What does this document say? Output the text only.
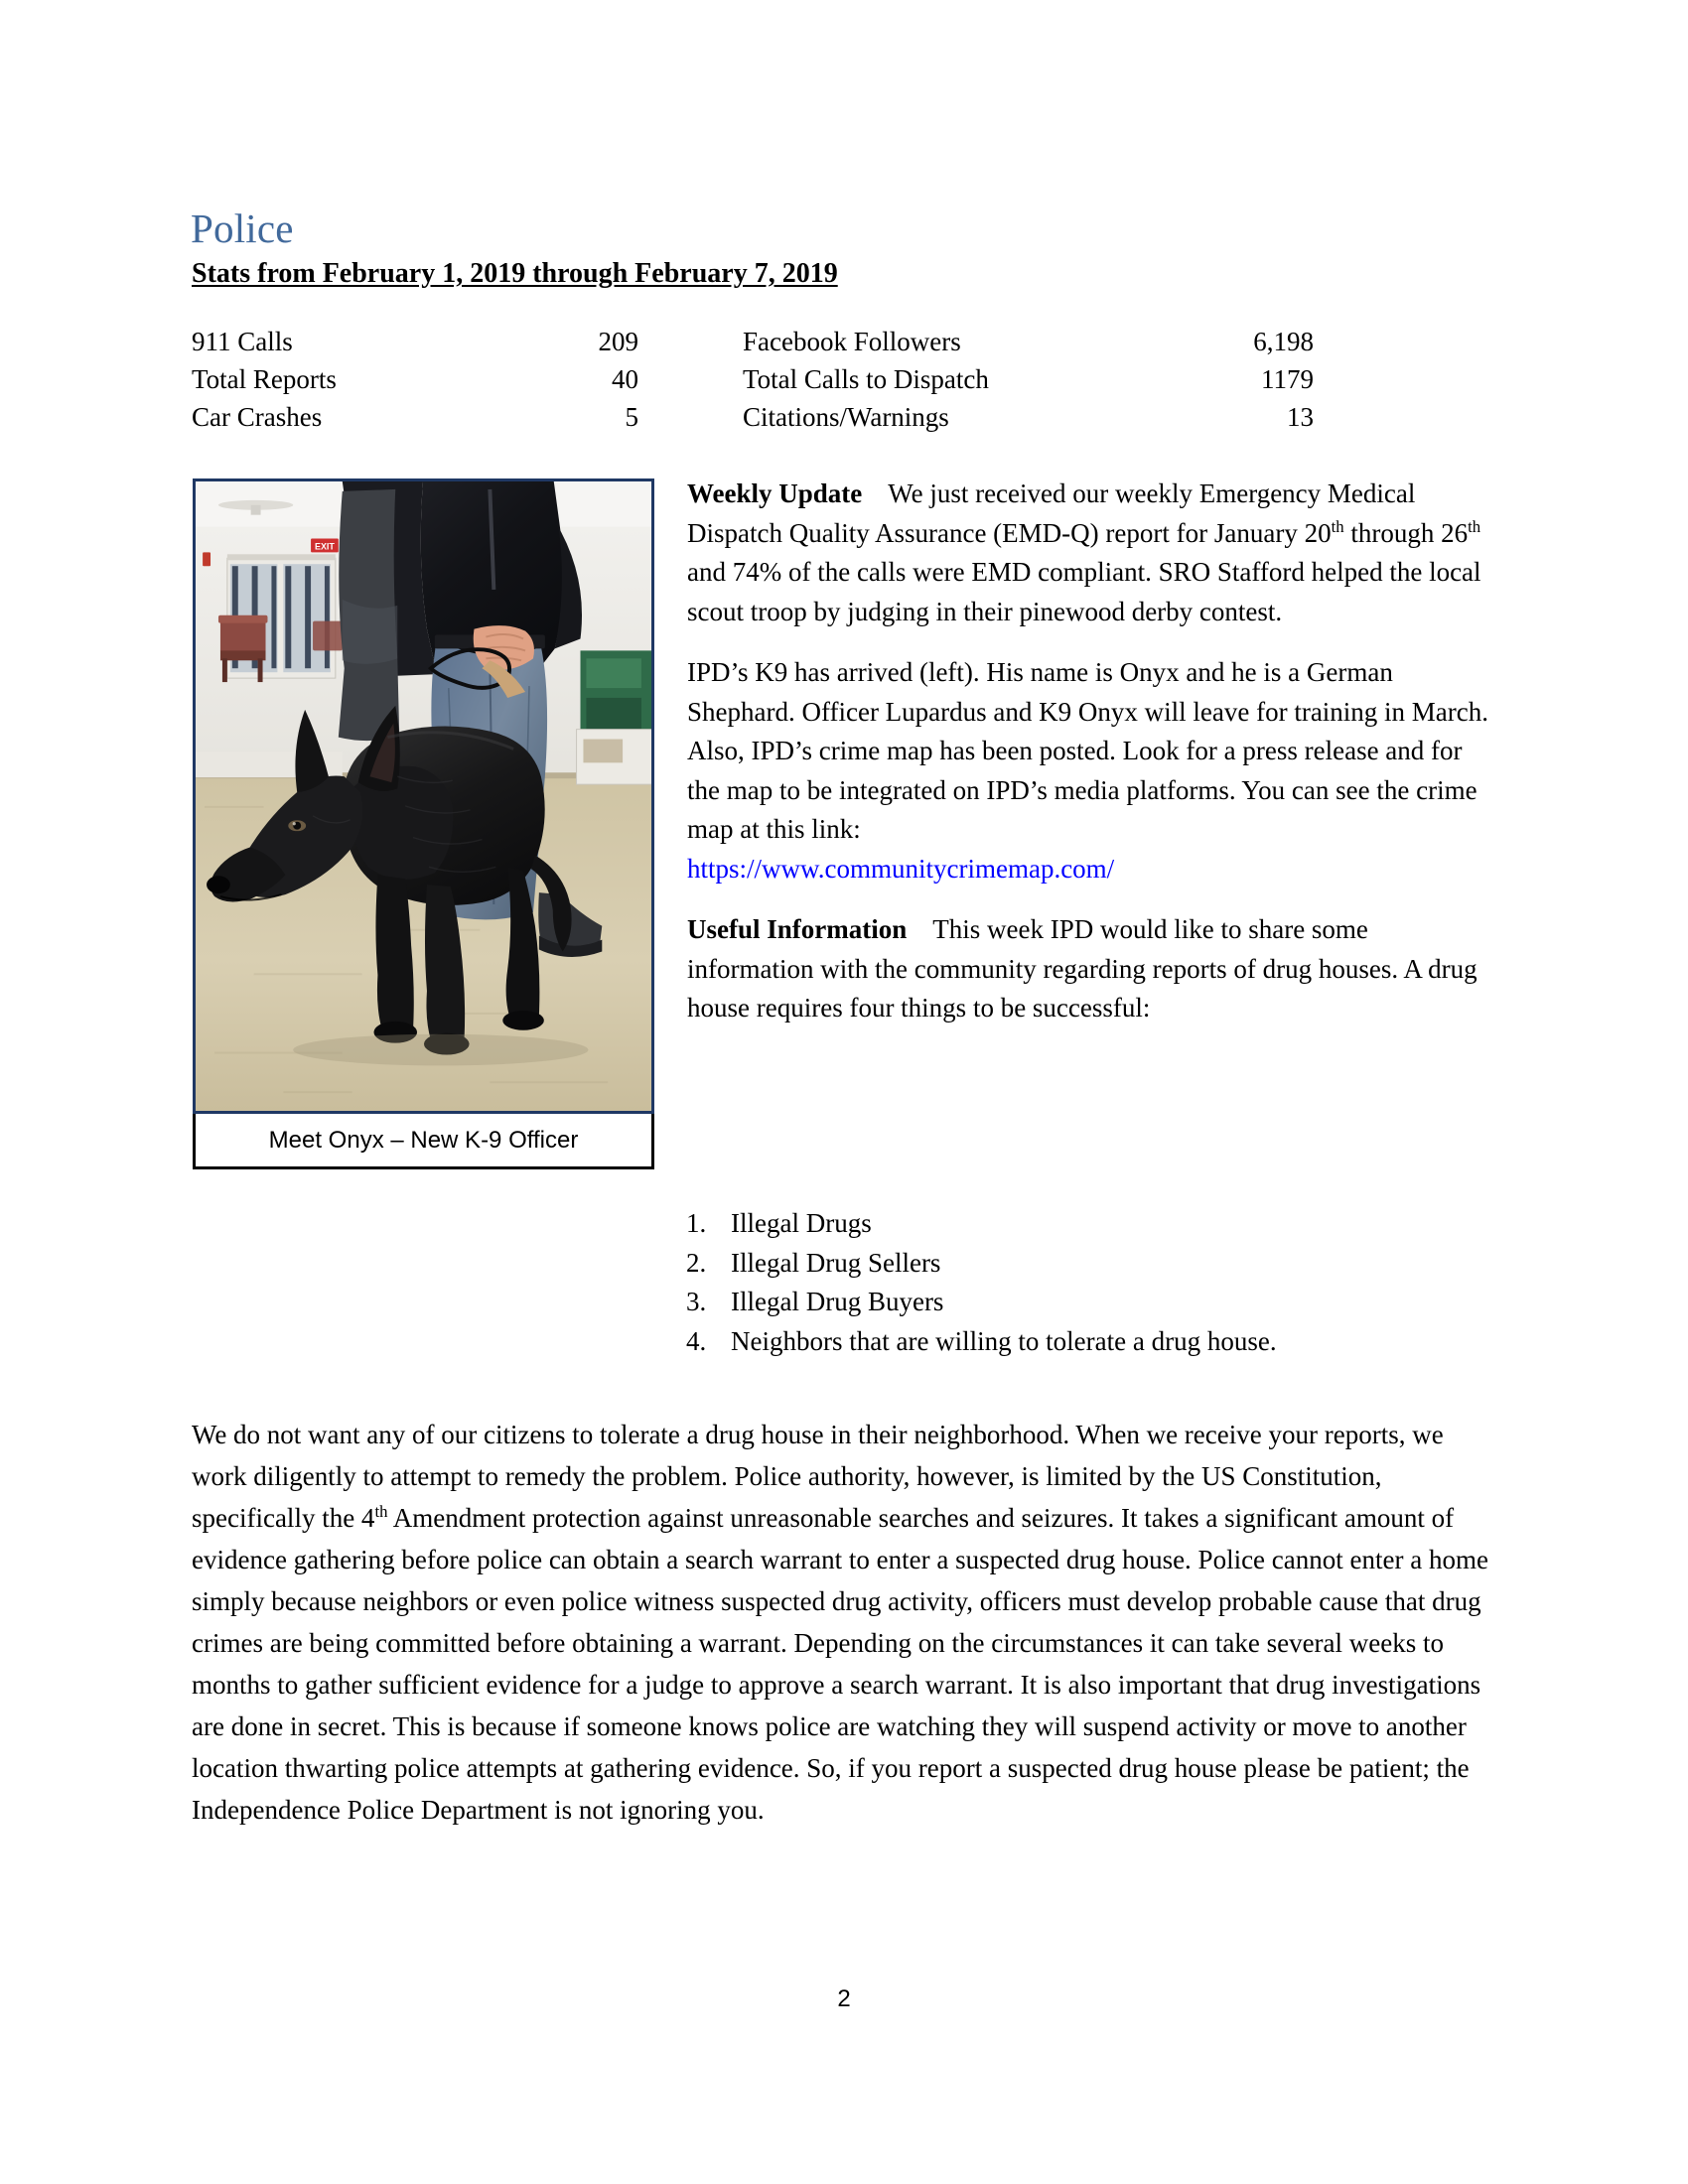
Police
Stats from February 1, 2019 through February 7, 2019
911 Calls	209		Facebook Followers	6,198
Total Reports	40		Total Calls to Dispatch	1179
Car Crashes	5		Citations/Warnings	13
EXIT
Meet Onyx – New K-9 Officer

Weekly Update We just received our weekly Emergency Medical Dispatch Quality Assurance (EMD-Q) report for January 20th through 26th and 74% of the calls were EMD compliant. SRO Stafford helped the local scout troop by judging in their pinewood derby contest.

IPD’s K9 has arrived (left). His name is Onyx and he is a German Shephard. Officer Lupardus and K9 Onyx will leave for training in March. Also, IPD’s crime map has been posted. Look for a press release and for the map to be integrated on IPD’s media platforms. You can see the crime map at this link:
https://www.communitycrimemap.com/

Useful Information This week IPD would like to share some information with the community regarding reports of drug houses. A drug house requires four things to be successful:

1. Illegal Drugs
2. Illegal Drug Sellers
3. Illegal Drug Buyers
4. Neighbors that are willing to tolerate a drug house.

We do not want any of our citizens to tolerate a drug house in their neighborhood. When we receive your reports, we work diligently to attempt to remedy the problem. Police authority, however, is limited by the US Constitution, specifically the 4th Amendment protection against unreasonable searches and seizures. It takes a significant amount of evidence gathering before police can obtain a search warrant to enter a suspected drug house. Police cannot enter a home simply because neighbors or even police witness suspected drug activity, officers must develop probable cause that drug crimes are being committed before obtaining a warrant. Depending on the circumstances it can take several weeks to months to gather sufficient evidence for a judge to approve a search warrant. It is also important that drug investigations are done in secret. This is because if someone knows police are watching they will suspend activity or move to another location thwarting police attempts at gathering evidence. So, if you report a suspected drug house please be patient; the Independence Police Department is not ignoring you.

2
